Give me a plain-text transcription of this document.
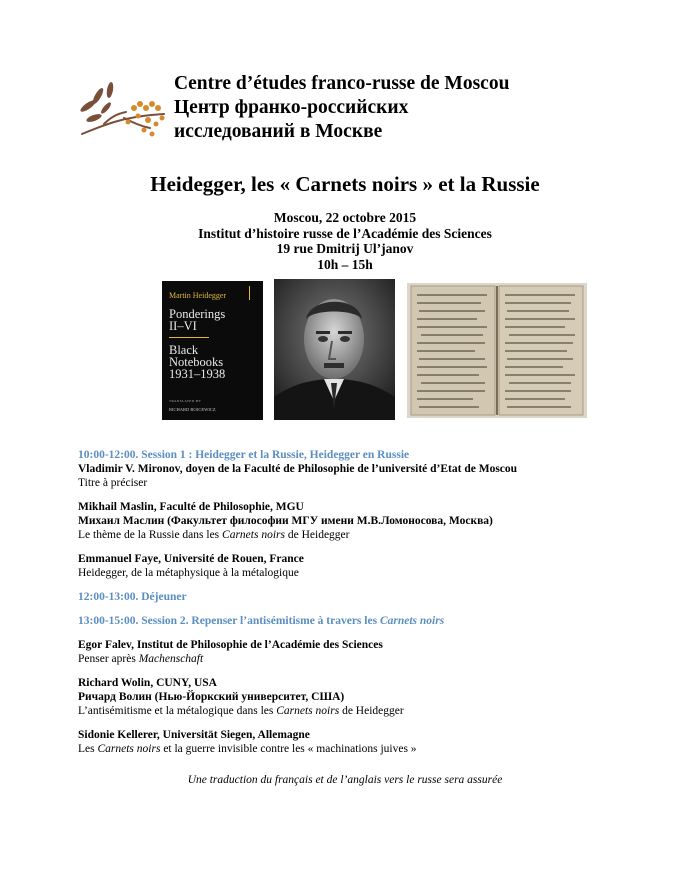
Centre d’études franco-russe de Moscou
Центр франко-российских
исследований в Москве
Heidegger, les « Carnets noirs » et la Russie
Moscou, 22 octobre 2015
Institut d’histoire russe de l’Académie des Sciences
19 rue Dmitrij Ul’janov
10h – 15h
Martin Heidegger
Ponderings
II–VI
Black
Notebooks
1931–1938
TRANSLATED BY
RICHARD ROJCEWICZ
10:00-12:00. Session 1 : Heidegger et la Russie, Heidegger en Russie
Vladimir V. Mironov, doyen de la Faculté de Philosophie de l’université d’Etat de Moscou
Titre à préciser
Mikhail Maslin, Faculté de Philosophie, MGU
Михаил Маслин (Факультет философии МГУ имени М.В.Ломоносова, Москва)
Le thème de la Russie dans les Carnets noirs de Heidegger
Emmanuel Faye, Université de Rouen, France
Heidegger, de la métaphysique à la métalogique
12:00-13:00. Déjeuner
13:00-15:00. Session 2. Repenser l’antisémitisme à travers les Carnets noirs
Egor Falev, Institut de Philosophie de l’Académie des Sciences
Penser après Machenschaft
Richard Wolin, CUNY, USA
Ричард Волин (Нью-Йоркский университет, США)
L’antisémitisme et la métalogique dans les Carnets noirs de Heidegger
Sidonie Kellerer, Universität Siegen, Allemagne
Les Carnets noirs et la guerre invisible contre les « machinations juives »
Une traduction du français et de l’anglais vers le russe sera assurée
